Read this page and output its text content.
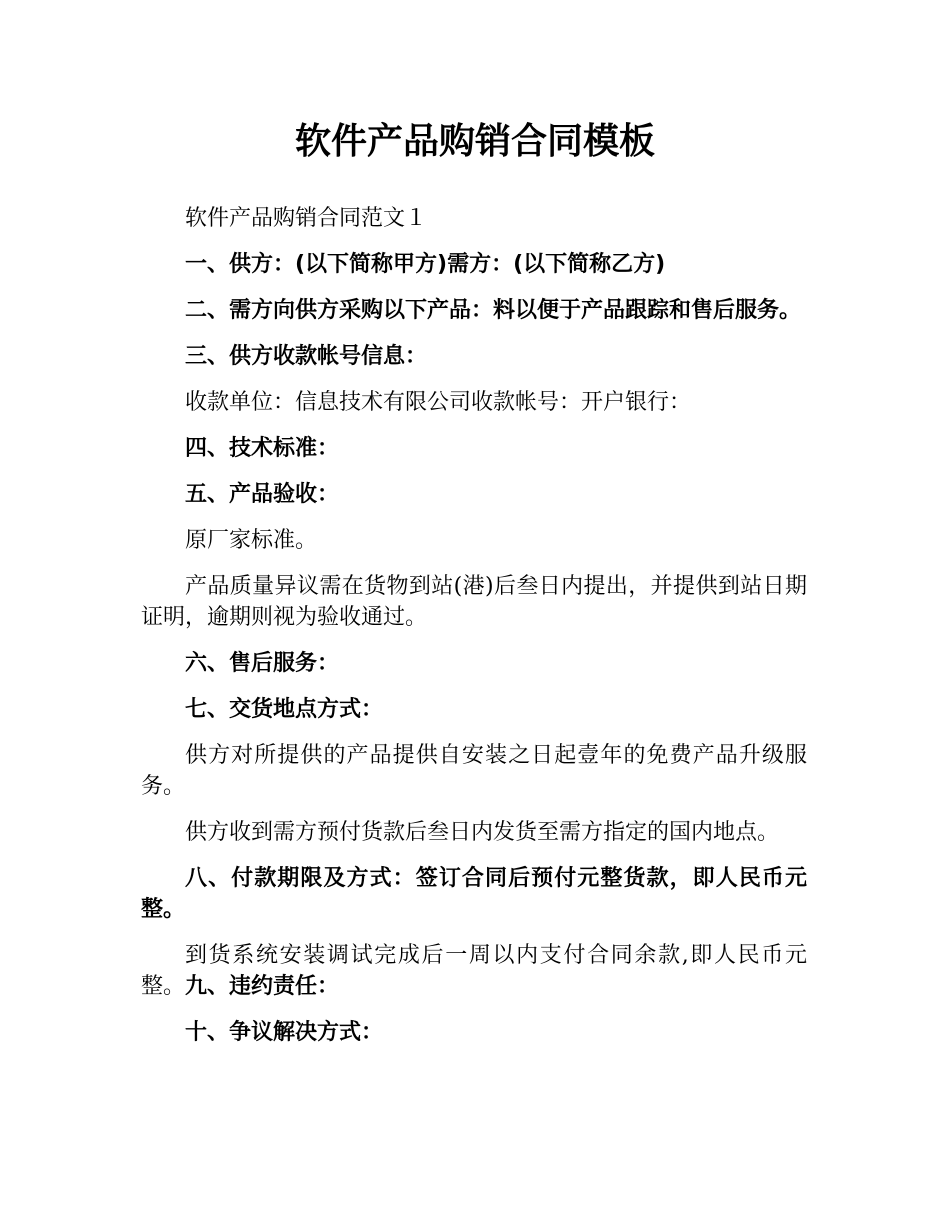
软件产品购销合同模板

软件产品购销合同范文１

一、供方：(以下简称甲方)需方：(以下简称乙方)

二、需方向供方采购以下产品：料以便于产品跟踪和售后服务。

三、供方收款帐号信息：

收款单位：信息技术有限公司收款帐号：开户银行：

四、技术标准：

五、产品验收：

原厂家标准。

产品质量异议需在货物到站(港)后叁日内提出，并提供到站日期证明，逾期则视为验收通过。

六、售后服务：

七、交货地点方式：

供方对所提供的产品提供自安装之日起壹年的免费产品升级服务。

供方收到需方预付货款后叁日内发货至需方指定的国内地点。

八、付款期限及方式：签订合同后预付元整货款，即人民币元整。

到货系统安装调试完成后一周以内支付合同余款,即人民币元整。九、违约责任：

十、争议解决方式：
